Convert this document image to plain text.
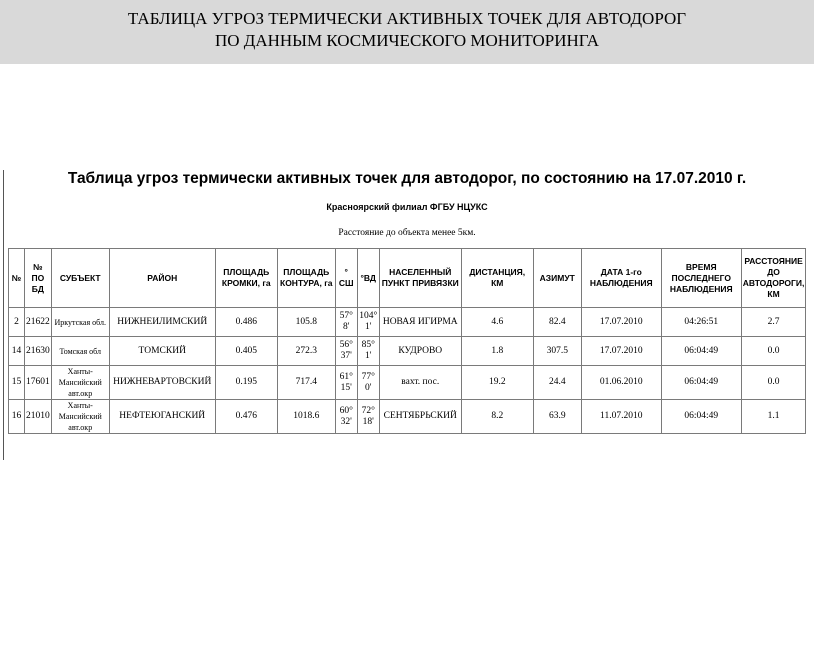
ТАБЛИЦА УГРОЗ ТЕРМИЧЕСКИ АКТИВНЫХ ТОЧЕК ДЛЯ АВТОДОРОГ
ПО ДАННЫМ КОСМИЧЕСКОГО МОНИТОРИНГА
Таблица угроз термически активных точек для автодорог, по состоянию на 17.07.2010 г.
Красноярский филиал ФГБУ НЦУКС
Расстояние до объекта менее 5км.
№	№ ПО БД	СУБЪЕКТ	РАЙОН	ПЛОЩАДЬ КРОМКИ, га	ПЛОЩАДЬ КОНТУРА, га	° СШ	°ВД	НАСЕЛЕННЫЙ ПУНКТ ПРИВЯЗКИ	ДИСТАНЦИЯ, КМ	АЗИМУТ	ДАТА 1-го НАБЛЮДЕНИЯ	ВРЕМЯ ПОСЛЕДНЕГО НАБЛЮДЕНИЯ	РАССТОЯНИЕ ДО АВТОДОРОГИ, КМ
2	21622	Иркутская обл.	НИЖНЕИЛИМСКИЙ	0.486	105.8	57° 8'	104° 1'	НОВАЯ ИГИРМА	4.6	82.4	17.07.2010	04:26:51	2.7
14	21630	Томская обл	ТОМСКИЙ	0.405	272.3	56° 37'	85° 1'	КУДРОВО	1.8	307.5	17.07.2010	06:04:49	0.0
15	17601	Ханты-Мансийский авт.окр	НИЖНЕВАРТОВСКИЙ	0.195	717.4	61° 15'	77° 0'	вахт. пос.	19.2	24.4	01.06.2010	06:04:49	0.0
16	21010	Ханты-Мансийский авт.окр	НЕФТЕЮГАНСКИЙ	0.476	1018.6	60° 32'	72° 18'	СЕНТЯБРЬСКИЙ	8.2	63.9	11.07.2010	06:04:49	1.1
